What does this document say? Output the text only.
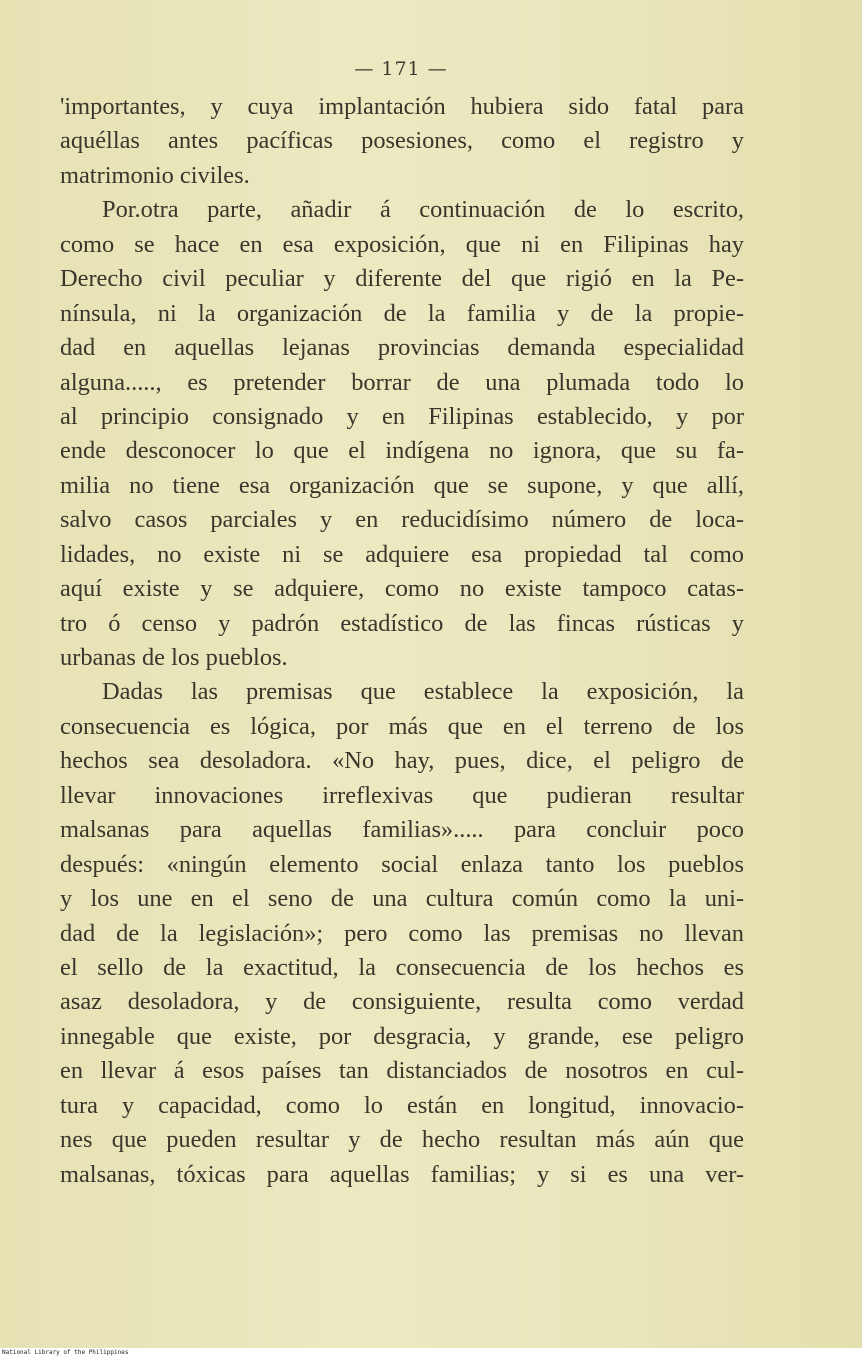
— 171 —
'importantes, y cuya implantación hubiera sido fatal para
aquéllas antes pacíficas posesiones, como el registro y
matrimonio civiles.
Por.otra parte, añadir á continuación de lo escrito,
como se hace en esa exposición, que ni en Filipinas hay
Derecho civil peculiar y diferente del que rigió en la Pe-
nínsula, ni la organización de la familia y de la propie-
dad en aquellas lejanas provincias demanda especialidad
alguna....., es pretender borrar de una plumada todo lo
al principio consignado y en Filipinas establecido, y por
ende desconocer lo que el indígena no ignora, que su fa-
milia no tiene esa organización que se supone, y que allí,
salvo casos parciales y en reducidísimo número de loca-
lidades, no existe ni se adquiere esa propiedad tal como
aquí existe y se adquiere, como no existe tampoco catas-
tro ó censo y padrón estadístico de las fincas rústicas y
urbanas de los pueblos.
Dadas las premisas que establece la exposición, la
consecuencia es lógica, por más que en el terreno de los
hechos sea desoladora. «No hay, pues, dice, el peligro de
llevar innovaciones irreflexivas que pudieran resultar
malsanas para aquellas familias»..... para concluir poco
después: «ningún elemento social enlaza tanto los pueblos
y los une en el seno de una cultura común como la uni-
dad de la legislación»; pero como las premisas no llevan
el sello de la exactitud, la consecuencia de los hechos es
asaz desoladora, y de consiguiente, resulta como verdad
innegable que existe, por desgracia, y grande, ese peligro
en llevar á esos países tan distanciados de nosotros en cul-
tura y capacidad, como lo están en longitud, innovacio-
nes que pueden resultar y de hecho resultan más aún que
malsanas, tóxicas para aquellas familias; y si es una ver-
National Library of the Philippines
